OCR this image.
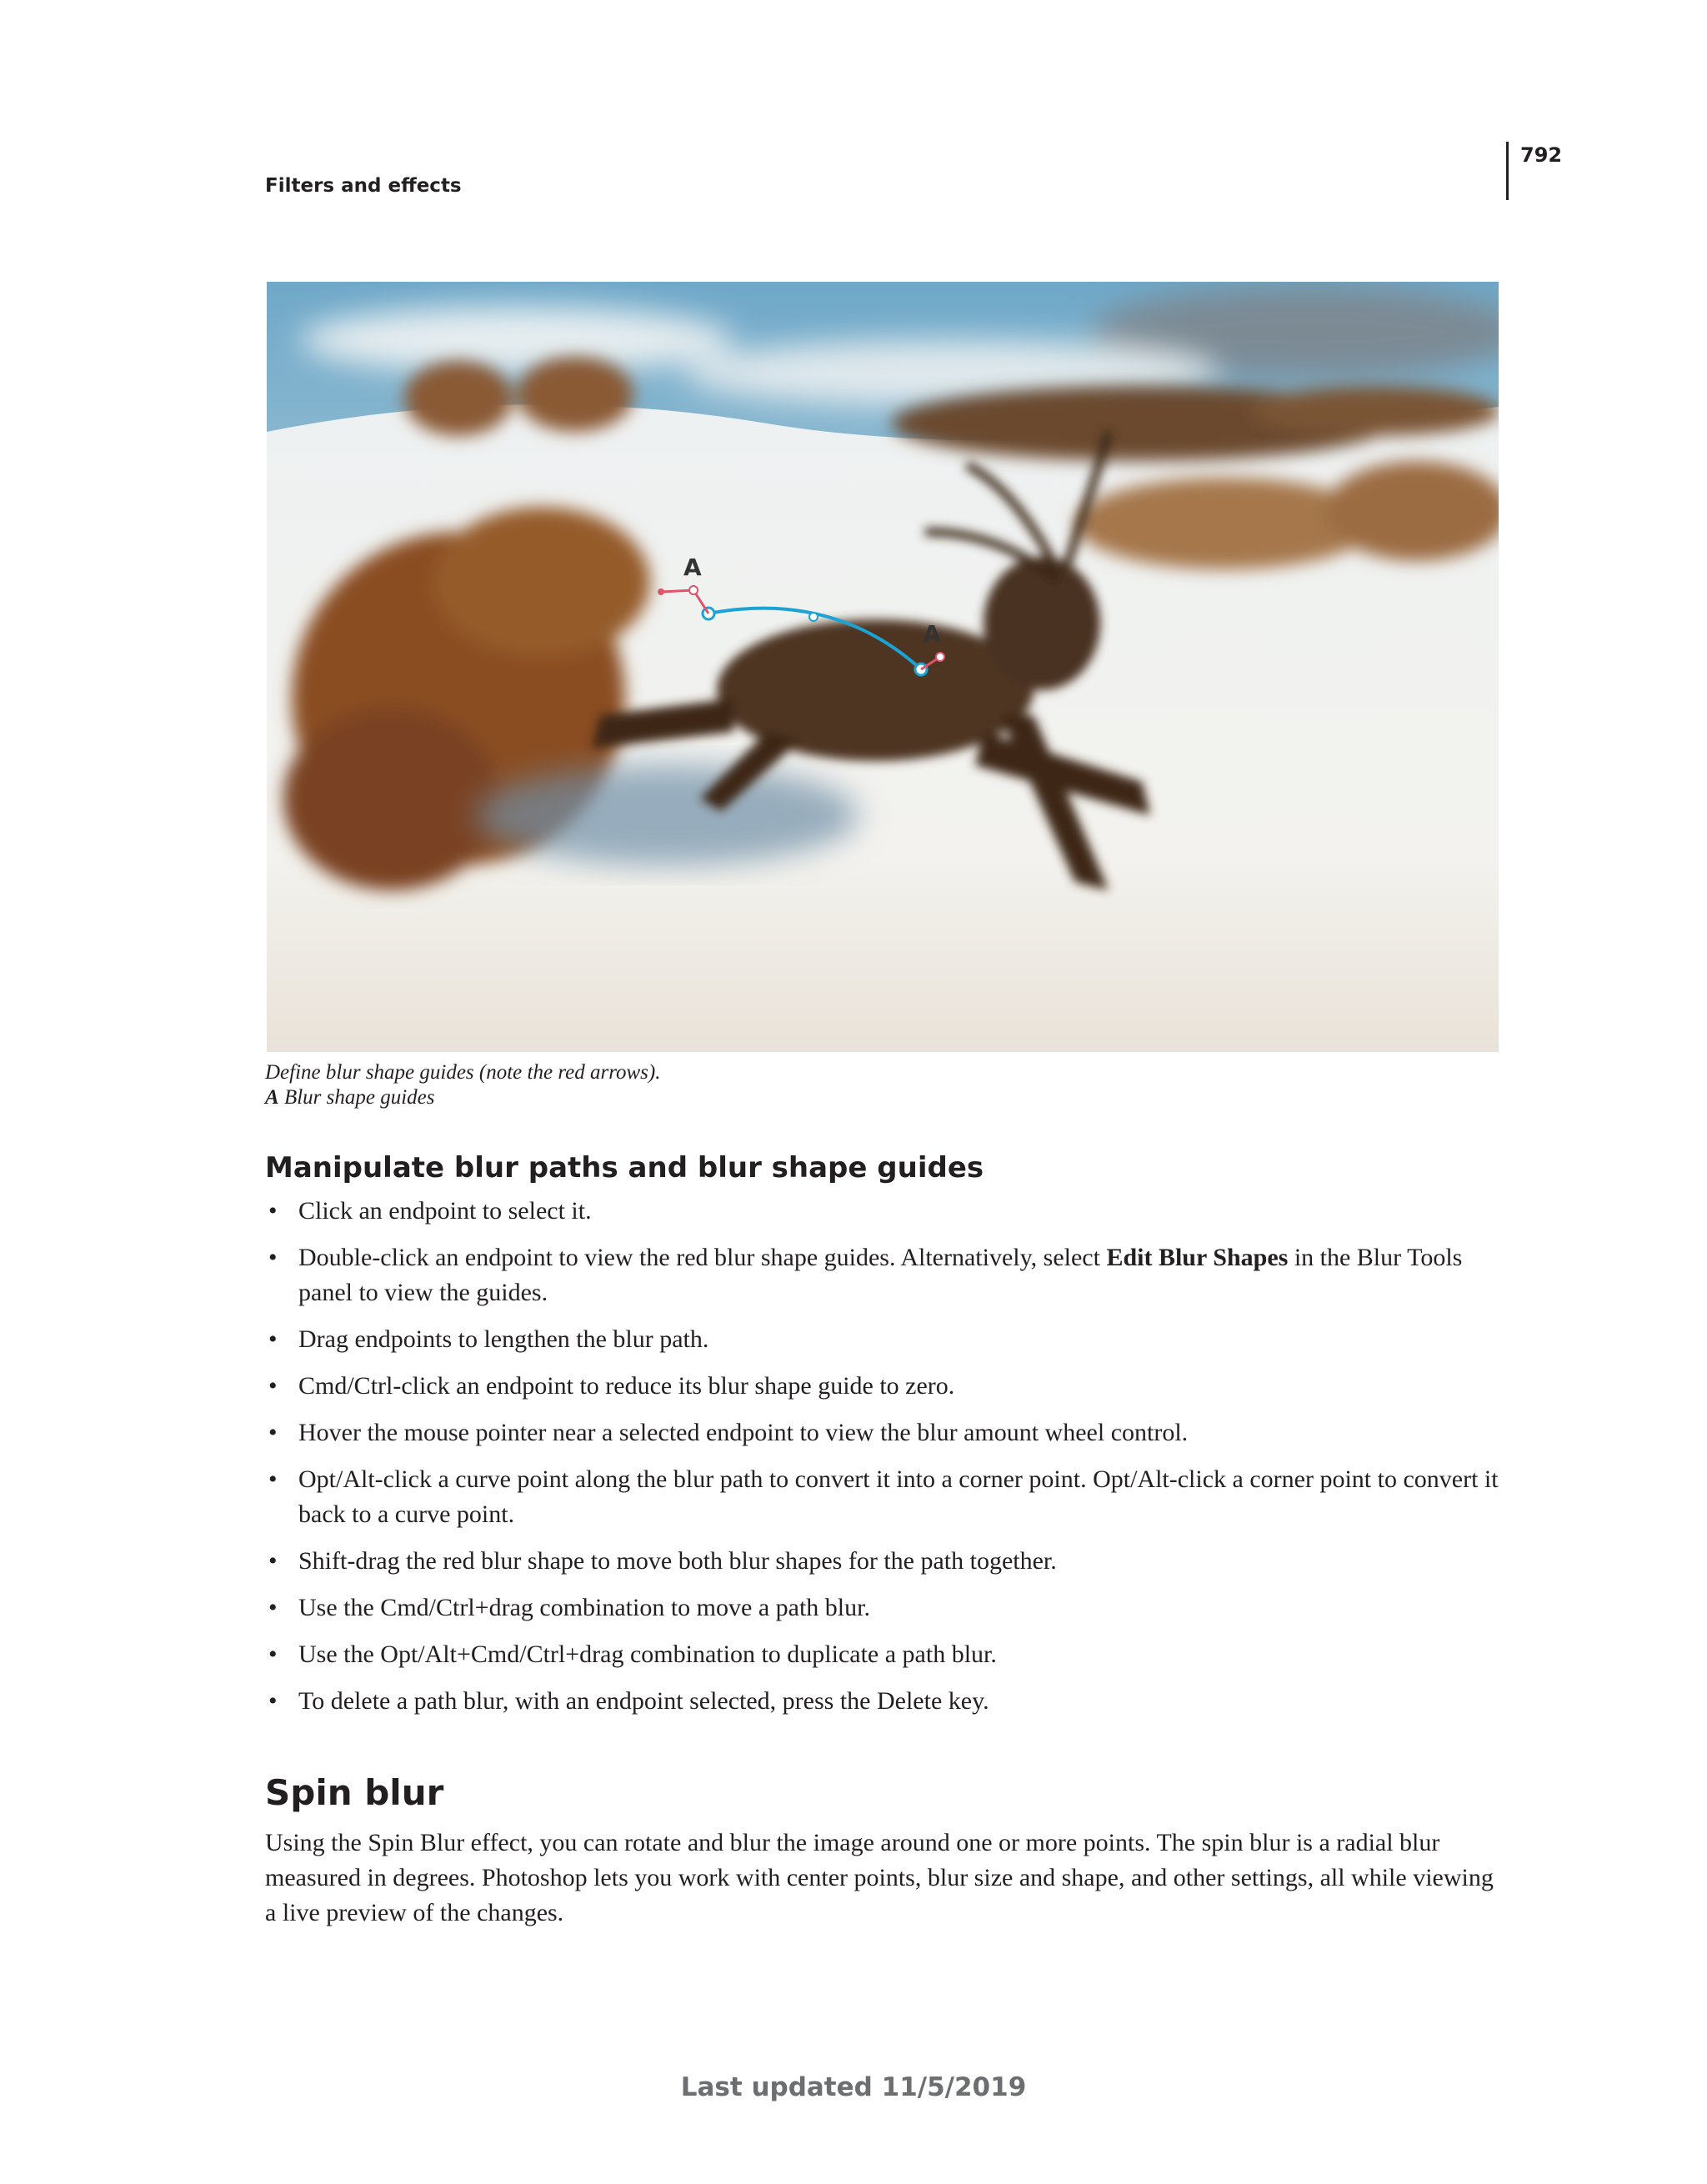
792
Filters and effects
A
A
Define blur shape guides (note the red arrows).
A Blur shape guides
Manipulate blur paths and blur shape guides
• Click an endpoint to select it.
• Double-click an endpoint to view the red blur shape guides. Alternatively, select Edit Blur Shapes in the Blur Tools panel to view the guides.
• Drag endpoints to lengthen the blur path.
• Cmd/Ctrl-click an endpoint to reduce its blur shape guide to zero.
• Hover the mouse pointer near a selected endpoint to view the blur amount wheel control.
• Opt/Alt-click a curve point along the blur path to convert it into a corner point. Opt/Alt-click a corner point to convert it back to a curve point.
• Shift-drag the red blur shape to move both blur shapes for the path together.
• Use the Cmd/Ctrl+drag combination to move a path blur.
• Use the Opt/Alt+Cmd/Ctrl+drag combination to duplicate a path blur.
• To delete a path blur, with an endpoint selected, press the Delete key.
Spin blur

Using the Spin Blur effect, you can rotate and blur the image around one or more points. The spin blur is a radial blur measured in degrees. Photoshop lets you work with center points, blur size and shape, and other settings, all while viewing a live preview of the changes.

Last updated 11/5/2019
